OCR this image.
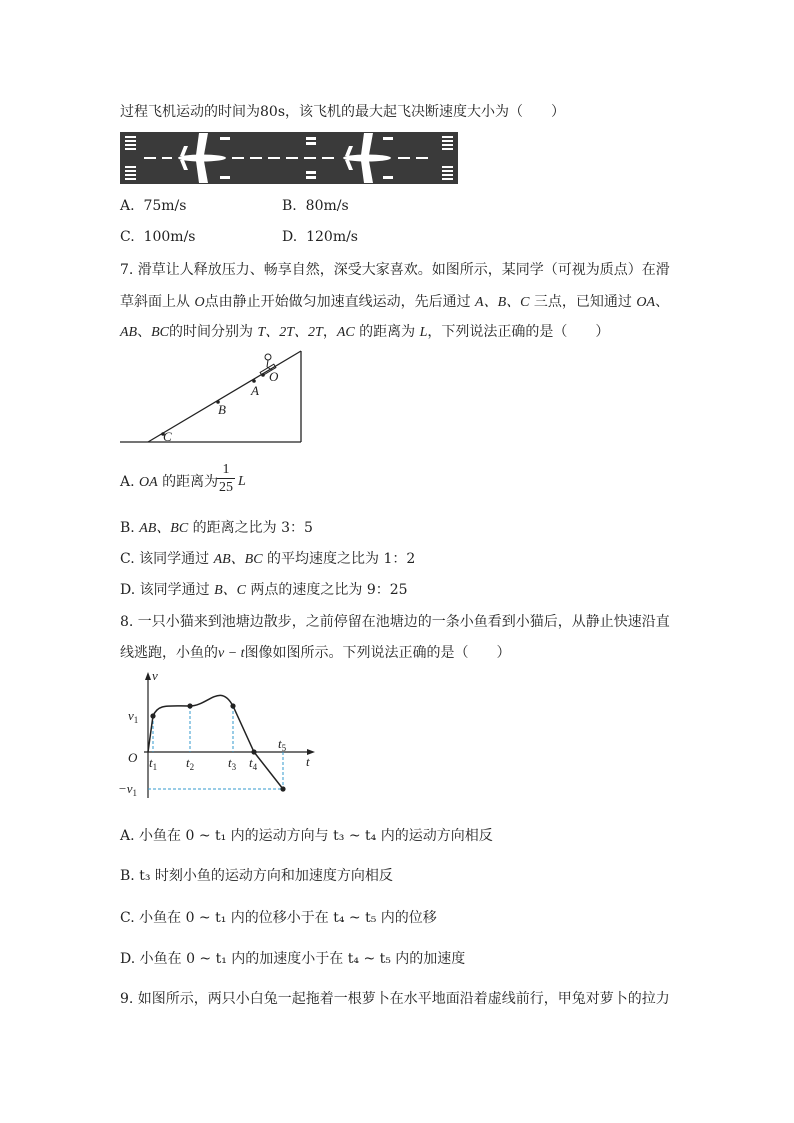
过程飞机运动的时间为80s，该飞机的最大起飞决断速度大小为（　　）
A. 75m/s	B. 80m/s
C. 100m/s	D. 120m/s
7. 滑草让人释放压力、畅享自然，深受大家喜欢。如图所示，某同学（可视为质点）在滑
草斜面上从 O点由静止开始做匀加速直线运动，先后通过 A、B、C 三点，已知通过 OA、
AB、BC的时间分别为 T、2T、2T，AC 的距离为 L，下列说法正确的是（　　）
O
A
B
C
A. OA 的距离为
1
25 L
B. AB、BC 的距离之比为 3：5
C. 该同学通过 AB、BC 的平均速度之比为 1：2
D. 该同学通过 B、C 两点的速度之比为 9：25
8. 一只小猫来到池塘边散步，之前停留在池塘边的一条小鱼看到小猫后，从静止快速沿直
线逃跑，小鱼的v − t图像如图所示。下列说法正确的是（　　）
v
t
O
$v_1$
$-v_1$
$t_1$ $t_2$	$t_3$ $t_4$
$t_5$
A. 小鱼在 0 ~ t₁ 内的运动方向与 t₃ ~ t₄ 内的运动方向相反
B. t₃ 时刻小鱼的运动方向和加速度方向相反
C. 小鱼在 0 ~ t₁ 内的位移小于在 t₄ ~ t₅ 内的位移
D. 小鱼在 0 ~ t₁ 内的加速度小于在 t₄ ~ t₅ 内的加速度
9. 如图所示，两只小白兔一起拖着一根萝卜在水平地面沿着虚线前行，甲兔对萝卜的拉力
